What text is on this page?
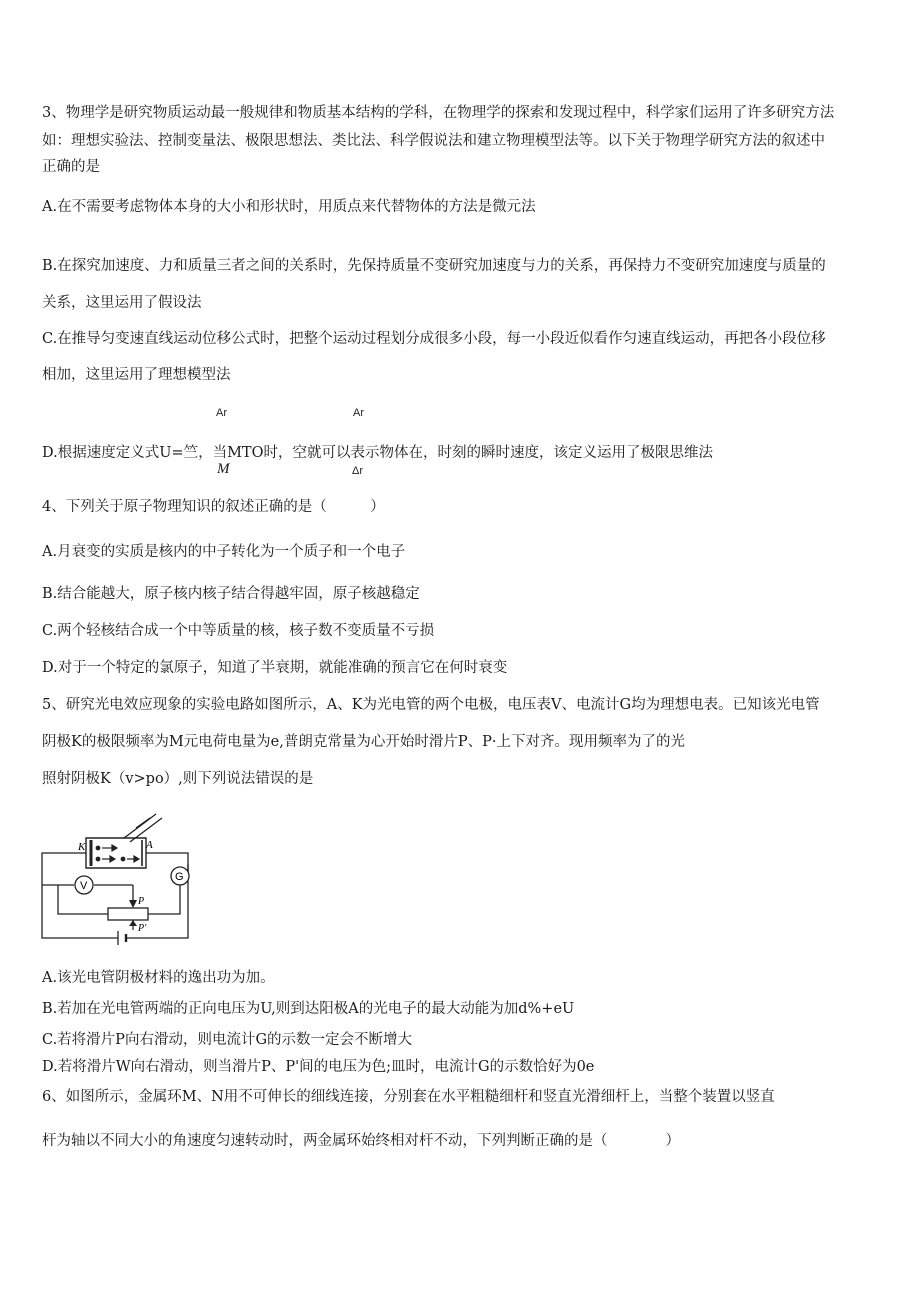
3、物理学是研究物质运动最一般规律和物质基本结构的学科，在物理学的探索和发现过程中，科学家们运用了许多研究方法
如：理想实验法、控制变量法、极限思想法、类比法、科学假说法和建立物理模型法等。以下关于物理学研究方法的叙述中
正确的是
A.在不需要考虑物体本身的大小和形状时，用质点来代替物体的方法是微元法
B.在探究加速度、力和质量三者之间的关系时，先保持质量不变研究加速度与力的关系，再保持力不变研究加速度与质量的
关系，这里运用了假设法
C.在推导匀变速直线运动位移公式时，把整个运动过程划分成很多小段，每一小段近似看作匀速直线运动，再把各小段位移
相加，这里运用了理想模型法
Ar	Ar
D.根据速度定义式U=竺，当MTO时，空就可以表示物体在，时刻的瞬时速度，该定义运用了极限思维法
M	Δr
4、下列关于原子物理知识的叙述正确的是（　　　）
A.月衰变的实质是核内的中子转化为一个质子和一个电子
B.结合能越大，原子核内核子结合得越牢固，原子核越稳定
C.两个轻核结合成一个中等质量的核，核子数不变质量不亏损
D.对于一个特定的氯原子，知道了半衰期，就能准确的预言它在何时衰变
5、研究光电效应现象的实验电路如图所示，A、K为光电管的两个电极，电压表V、电流计G均为理想电表。已知该光电管
阴极K的极限频率为M元电荷电量为e,普朗克常量为心开始时滑片P、P·上下对齐。现用频率为了的光
照射阴极K（v>po）,则下列说法错误的是
K	A
V
G
P
P'
A.该光电管阴极材料的逸出功为加。
B.若加在光电管两端的正向电压为U,则到达阳极A的光电子的最大动能为加d%+eU
C.若将滑片P向右滑动，则电流计G的示数一定会不断增大
D.若将滑片W向右滑动，则当滑片P、P'间的电压为色;皿时，电流计G的示数恰好为0e
6、如图所示，金属环M、N用不可伸长的细线连接，分别套在水平粗糙细杆和竖直光滑细杆上，当整个装置以竖直
杆为轴以不同大小的角速度匀速转动时，两金属环始终相对杆不动，下列判断正确的是（　　　　）
